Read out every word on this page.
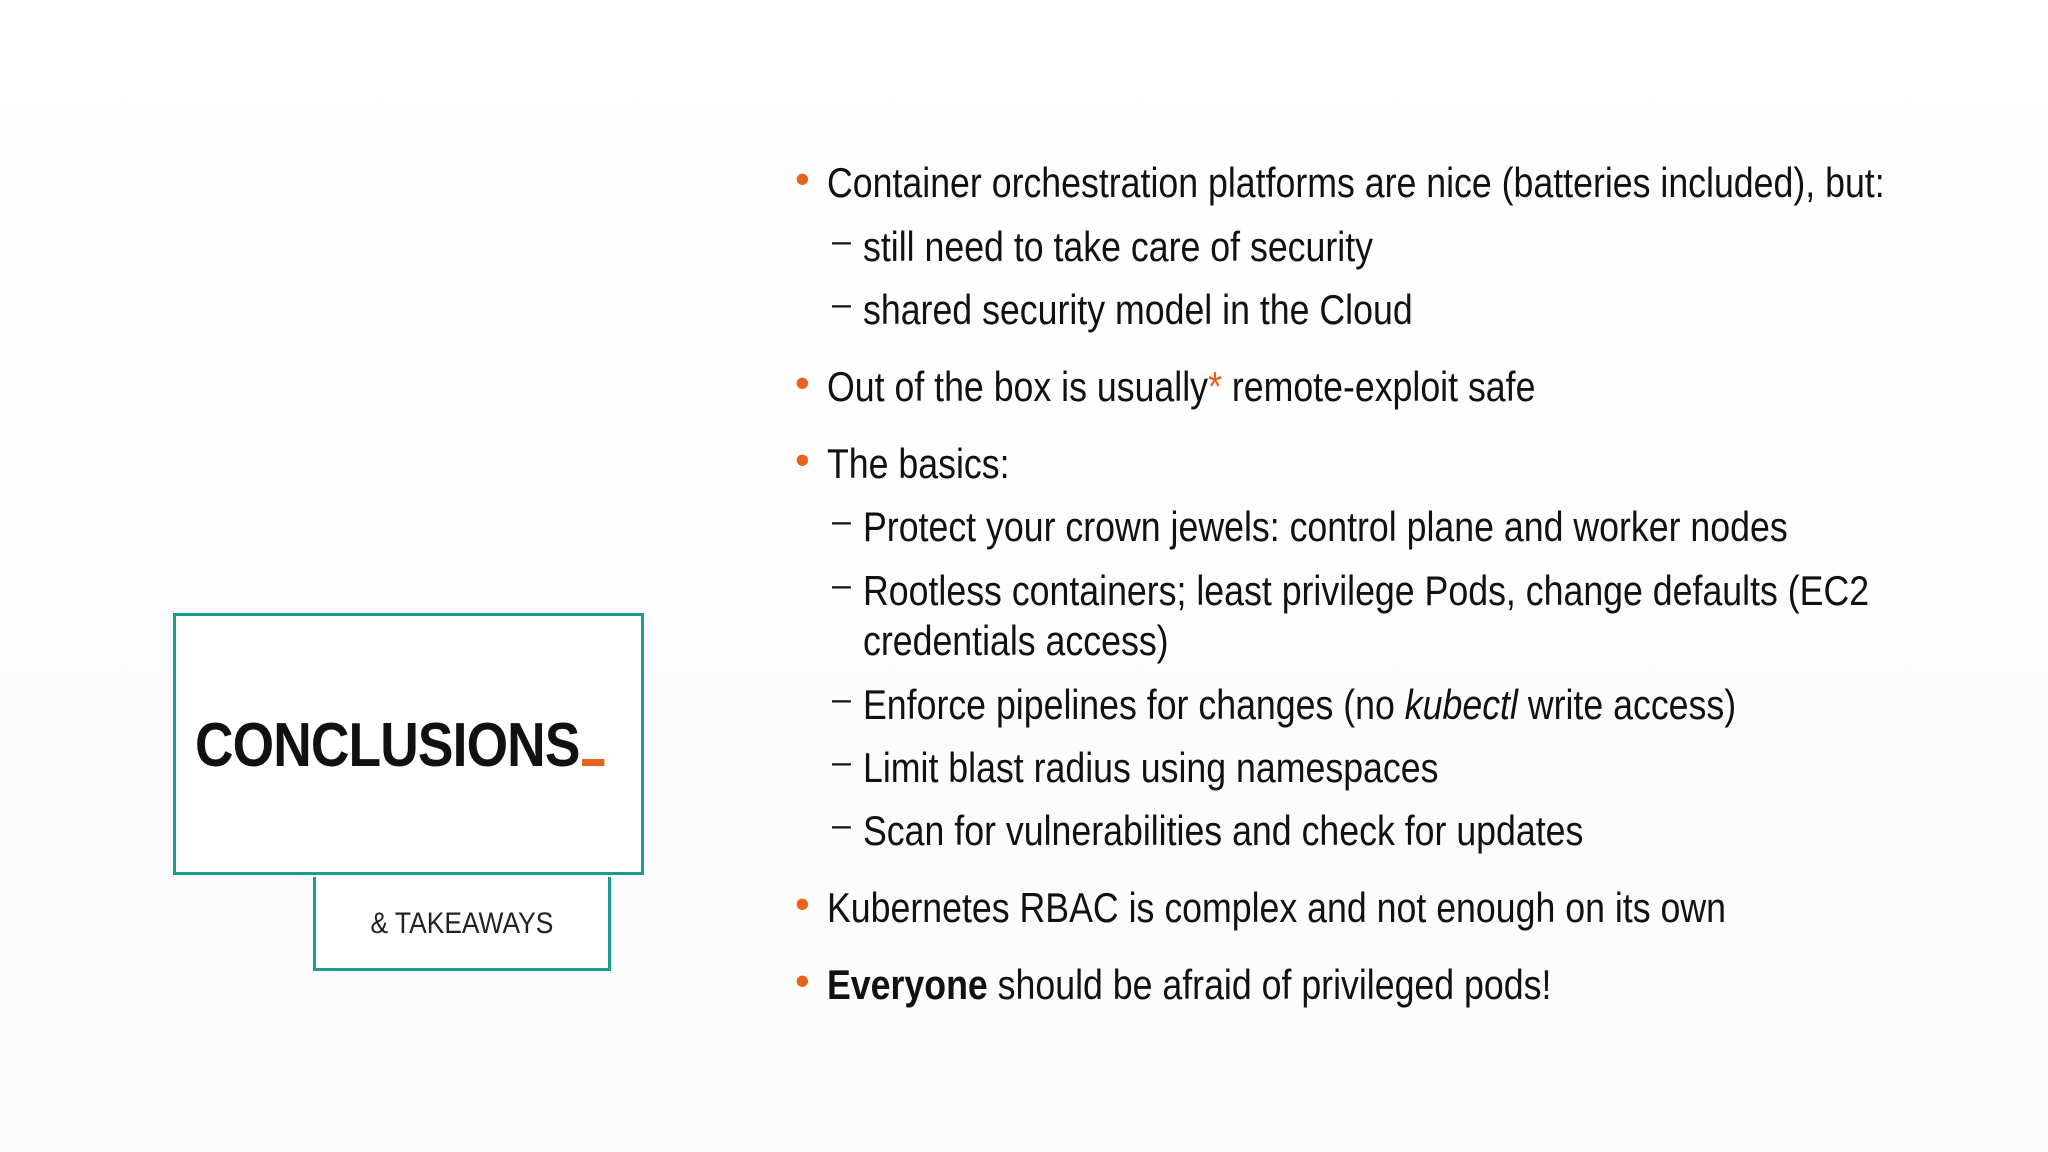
CONCLUSIONS
& TAKEAWAYS
• Container orchestration platforms are nice (batteries included), but:
– still need to take care of security
– shared security model in the Cloud
• Out of the box is usually* remote-exploit safe
• The basics:
– Protect your crown jewels: control plane and worker nodes
– Rootless containers; least privilege Pods, change defaults (EC2
credentials access)
– Enforce pipelines for changes (no kubectl write access)
– Limit blast radius using namespaces
– Scan for vulnerabilities and check for updates
• Kubernetes RBAC is complex and not enough on its own
• Everyone should be afraid of privileged pods!
